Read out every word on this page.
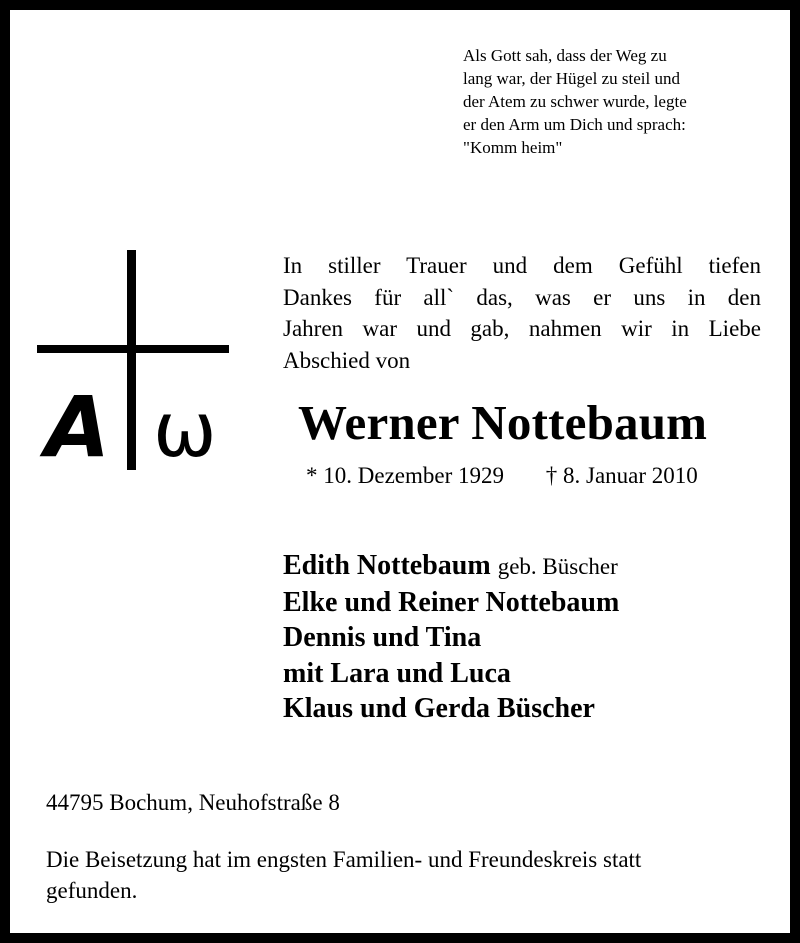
Als Gott sah, dass der Weg zu
lang war, der Hügel zu steil und
der Atem zu schwer wurde, legte
er den Arm um Dich und sprach:
"Komm heim"
A ω
In stiller Trauer und dem Gefühl tiefen
Dankes für all` das, was er uns in den
Jahren war und gab, nahmen wir in Liebe
Abschied von
Werner Nottebaum
* 10. Dezember 1929 † 8. Januar 2010
Edith Nottebaum geb. Büscher
Elke und Reiner Nottebaum
Dennis und Tina
mit Lara und Luca
Klaus und Gerda Büscher
44795 Bochum, Neuhofstraße 8
Die Beisetzung hat im engsten Familien- und Freundeskreis statt
gefunden.
